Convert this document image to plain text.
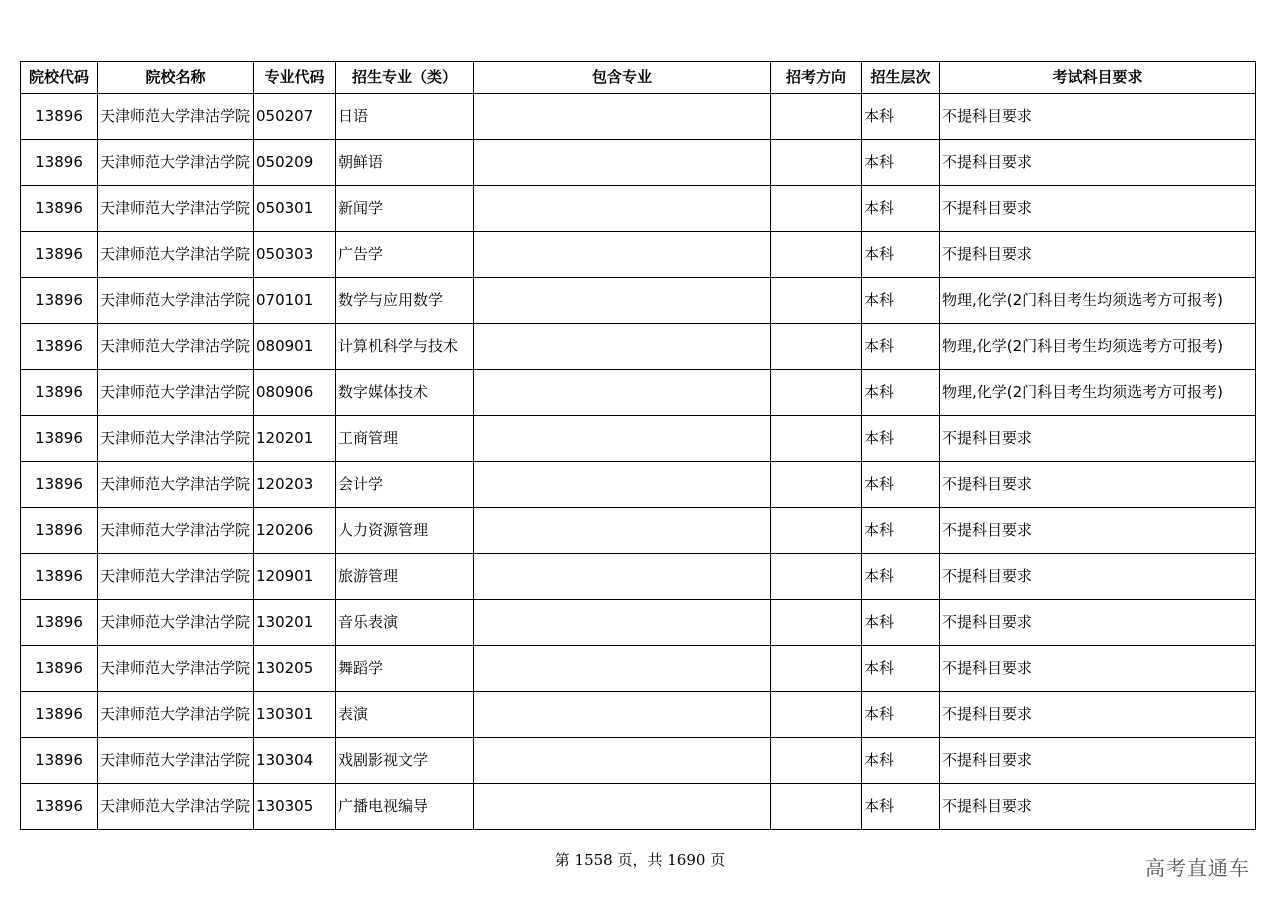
院校代码	院校名称	专业代码	招生专业（类）	包含专业	招考方向	招生层次	考试科目要求
13896	天津师范大学津沽学院	050207	日语			本科	不提科目要求
13896	天津师范大学津沽学院	050209	朝鲜语			本科	不提科目要求
13896	天津师范大学津沽学院	050301	新闻学			本科	不提科目要求
13896	天津师范大学津沽学院	050303	广告学			本科	不提科目要求
13896	天津师范大学津沽学院	070101	数学与应用数学			本科	物理,化学(2门科目考生均须选考方可报考)
13896	天津师范大学津沽学院	080901	计算机科学与技术			本科	物理,化学(2门科目考生均须选考方可报考)
13896	天津师范大学津沽学院	080906	数字媒体技术			本科	物理,化学(2门科目考生均须选考方可报考)
13896	天津师范大学津沽学院	120201	工商管理			本科	不提科目要求
13896	天津师范大学津沽学院	120203	会计学			本科	不提科目要求
13896	天津师范大学津沽学院	120206	人力资源管理			本科	不提科目要求
13896	天津师范大学津沽学院	120901	旅游管理			本科	不提科目要求
13896	天津师范大学津沽学院	130201	音乐表演			本科	不提科目要求
13896	天津师范大学津沽学院	130205	舞蹈学			本科	不提科目要求
13896	天津师范大学津沽学院	130301	表演			本科	不提科目要求
13896	天津师范大学津沽学院	130304	戏剧影视文学			本科	不提科目要求
13896	天津师范大学津沽学院	130305	广播电视编导			本科	不提科目要求
第 1558 页，共 1690 页	高考直通车
